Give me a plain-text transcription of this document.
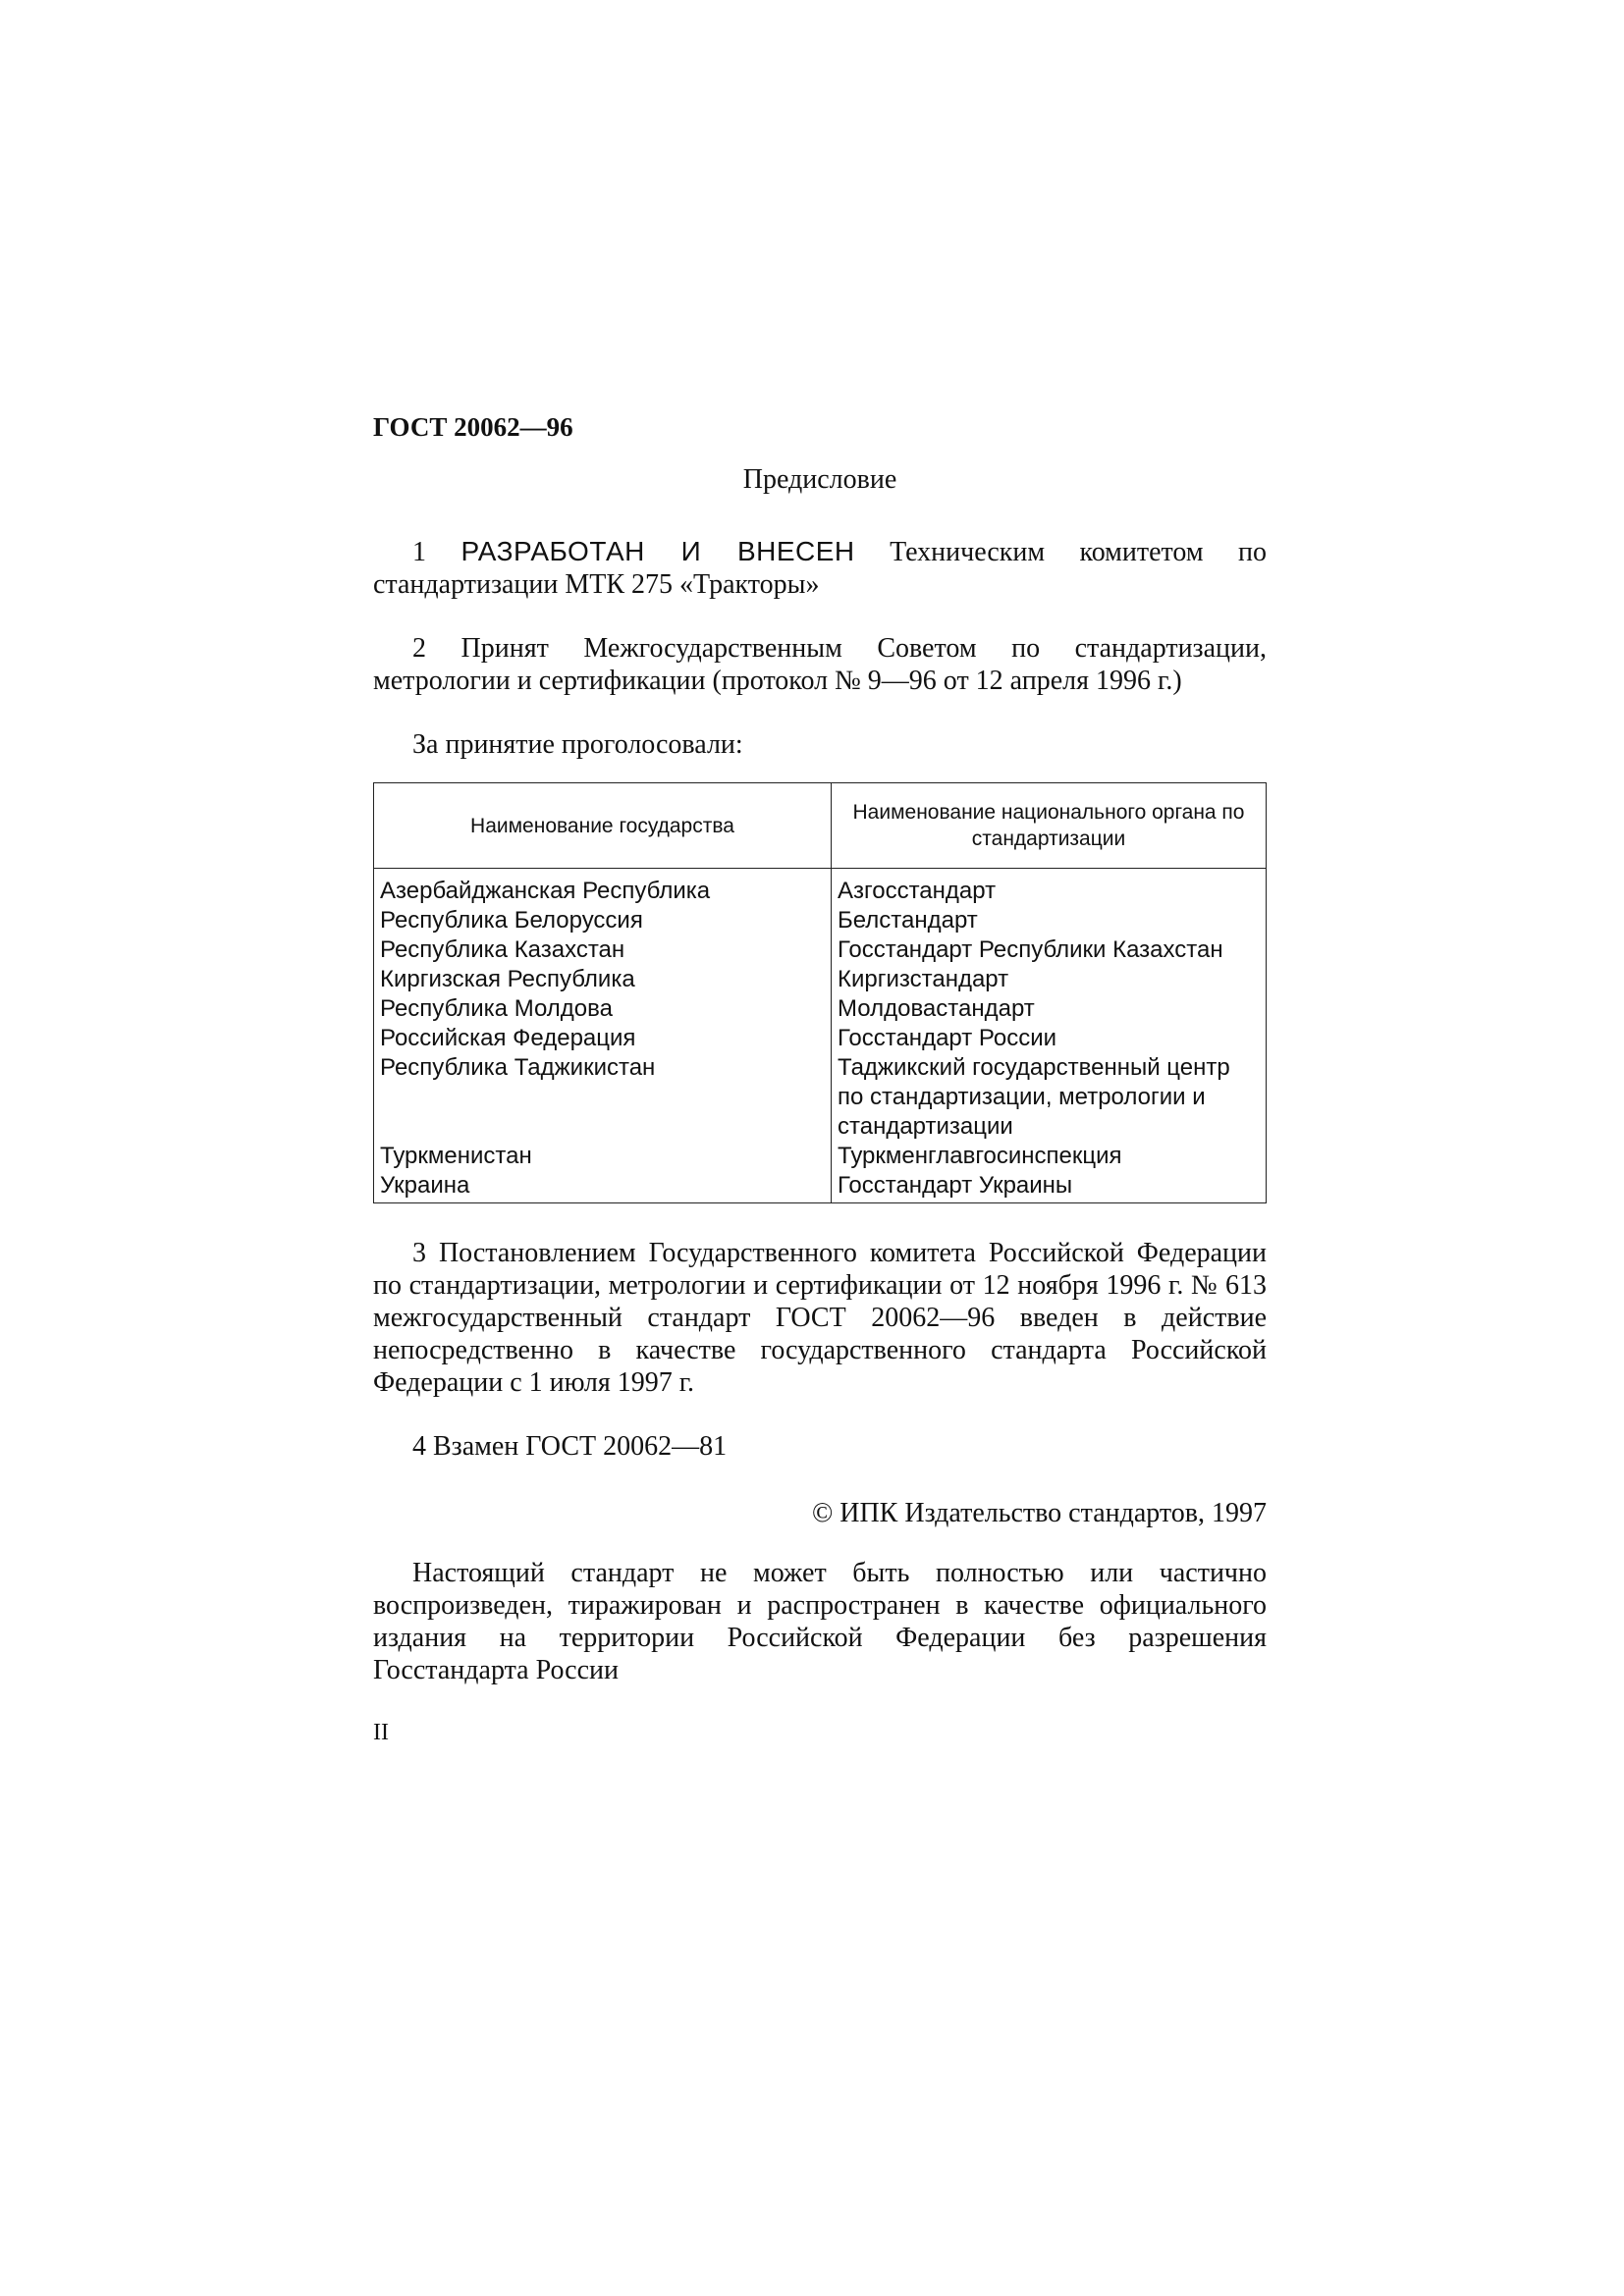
ГОСТ 20062—96
Предисловие

1 РАЗРАБОТАН И ВНЕСЕН Техническим комитетом по стандартизации МТК 275 «Тракторы»

2 Принят Межгосударственным Советом по стандартизации, метрологии и сертификации (протокол № 9—96 от 12 апреля 1996 г.)

За принятие проголосовали:

Наименование государства	Наименование национального органа по стандартизации
Азербайджанская Республика	Азгосстандарт
Республика Белоруссия	Белстандарт
Республика Казахстан	Госстандарт Республики Казахстан
Киргизская Республика	Киргизстандарт
Республика Молдова	Молдовастандарт
Российская Федерация	Госстандарт России
Республика Таджикистан	Таджикский государственный центр по стандартизации, метрологии и стандартизации
Туркменистан	Туркменглавгосинспекция
Украина	Госстандарт Украины

3 Постановлением Государственного комитета Российской Федерации по стандартизации, метрологии и сертификации от 12 ноября 1996 г. № 613 межгосударственный стандарт ГОСТ 20062—96 введен в действие непосредственно в качестве государственного стандарта Российской Федерации с 1 июля 1997 г.

4 Взамен ГОСТ 20062—81

© ИПК Издательство стандартов, 1997

Настоящий стандарт не может быть полностью или частично воспроизведен, тиражирован и распространен в качестве официального издания на территории Российской Федерации без разрешения Госстандарта России

II
